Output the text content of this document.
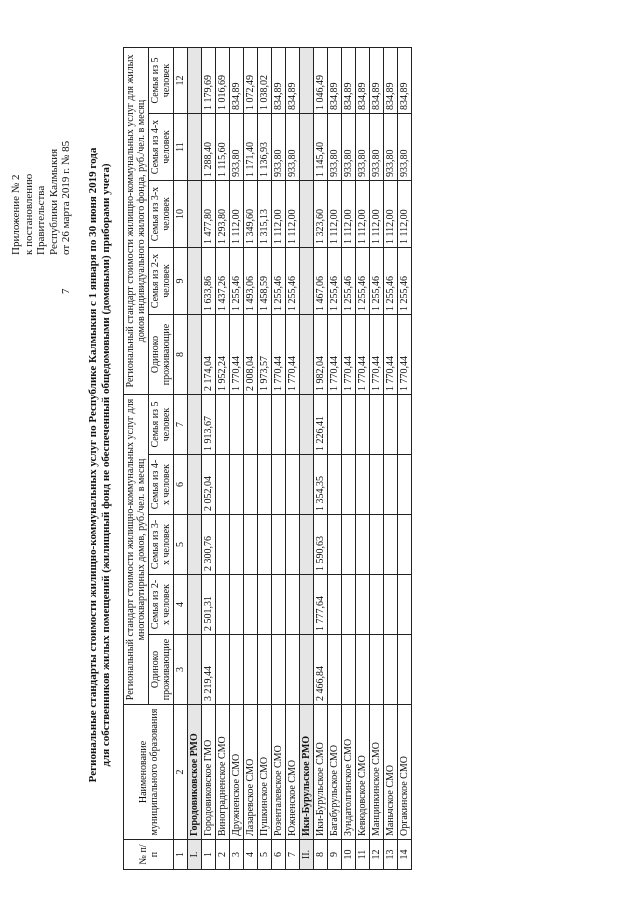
7
Приложение № 2 к постановлению Правительства Республики Калмыкия от 26 марта 2019 г. № 85 Региональные стандарты стоимости жилищно-коммунальных услуг по Республике Калмыкия с 1 января по 30 июня 2019 года для собственников жилых помещений (жилищный фонд не обеспеченный общедомовыми (домовыми) приборами учета)
№ п/п	Наименование муниципального образования	Региональный стандарт стоимости жилищно-коммунальных услуг для многоквартирных домов, руб./чел. в месяц					Региональный стандарт стоимости жилищно-коммунальных услуг для жилых домов индивидуального жилого фонда, руб./чел. в месяц				
		Одиноко проживающие	Семья из 2-х человек	Семья из 3-х человек	Семья из 4-х человек	Семья из 5 человек	Одиноко проживающие	Семья из 2-х человек	Семья из 3-х человек	Семья из 4-х человек	Семья из 5 человек
1	2	3	4	5	6	7	8	9	10	11	12
I.	Городовиковское РМО										
1	Городовиковское ГМО	3 219,44	2 501,31	2 300,76	2 052,04	1 913,67	2 174,04	1 633,86	1 477,80	1 288,40	1 179,69
2	Виноградненское СМО						1 952,24	1 437,26	1 293,80	1 115,60	1 016,69
3	Дружненское СМО						1 770,44	1 255,46	1 112,00	933,80	834,89
4	Лазаревское СМО						2 008,04	1 493,06	1 349,60	1 171,40	1 072,49
5	Пушкинское СМО						1 973,57	1 458,59	1 315,13	1 136,93	1 038,02
6	Розенталевское СМО						1 770,44	1 255,46	1 112,00	933,80	834,89
7	Южненское СМО						1 770,44	1 255,46	1 112,00	933,80	834,89
II.	Ики-Бурульское РМО										
8	Ики-Бурульское СМО	2 466,84	1 777,64	1 590,63	1 354,35	1 226,41	1 982,04	1 467,06	1 323,60	1 145,40	1 046,49
9	Багабурульское СМО						1 770,44	1 255,46	1 112,00	933,80	834,89
10	Зундатолгинское СМО						1 770,44	1 255,46	1 112,00	933,80	834,89
11	Кевюдовское СМО						1 770,44	1 255,46	1 112,00	933,80	834,89
12	Манцинкинское СМО						1 770,44	1 255,46	1 112,00	933,80	834,89
13	Маньчское СМО						1 770,44	1 255,46	1 112,00	933,80	834,89
14	Оргакинское СМО						1 770,44	1 255,46	1 112,00	933,80	834,89
